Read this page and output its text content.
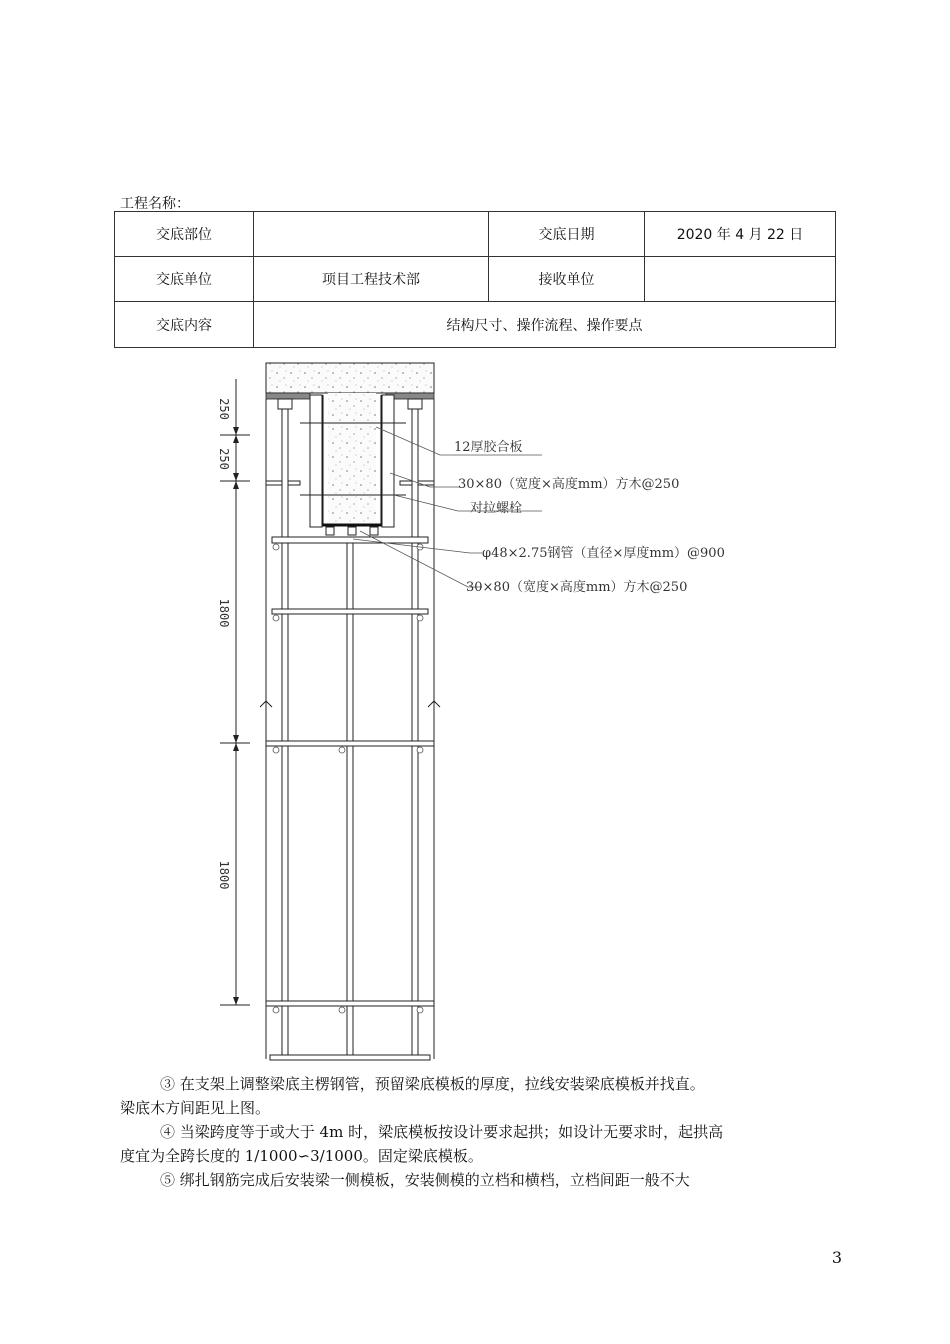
工程名称：
交底部位		交底日期	2020 年 4 月 22 日
交底单位	项目工程技术部	接收单位	
交底内容	结构尺寸、操作流程、操作要点		
250
250
1800
1800
12厚胶合板
30×80（宽度×高度mm）方木@250
对拉螺栓
φ48×2.75钢管（直径×厚度mm）@900
30×80（宽度×高度mm）方木@250

③ 在支架上调整梁底主楞钢管，预留梁底模板的厚度，拉线安装梁底模板并找直。

梁底木方间距见上图。

④ 当梁跨度等于或大于 4m 时，梁底模板按设计要求起拱；如设计无要求时，起拱高

度宜为全跨长度的 1/1000∽3/1000。固定梁底模板。

⑤ 绑扎钢筋完成后安装梁一侧模板，安装侧模的立档和横档，立档间距一般不大

3
